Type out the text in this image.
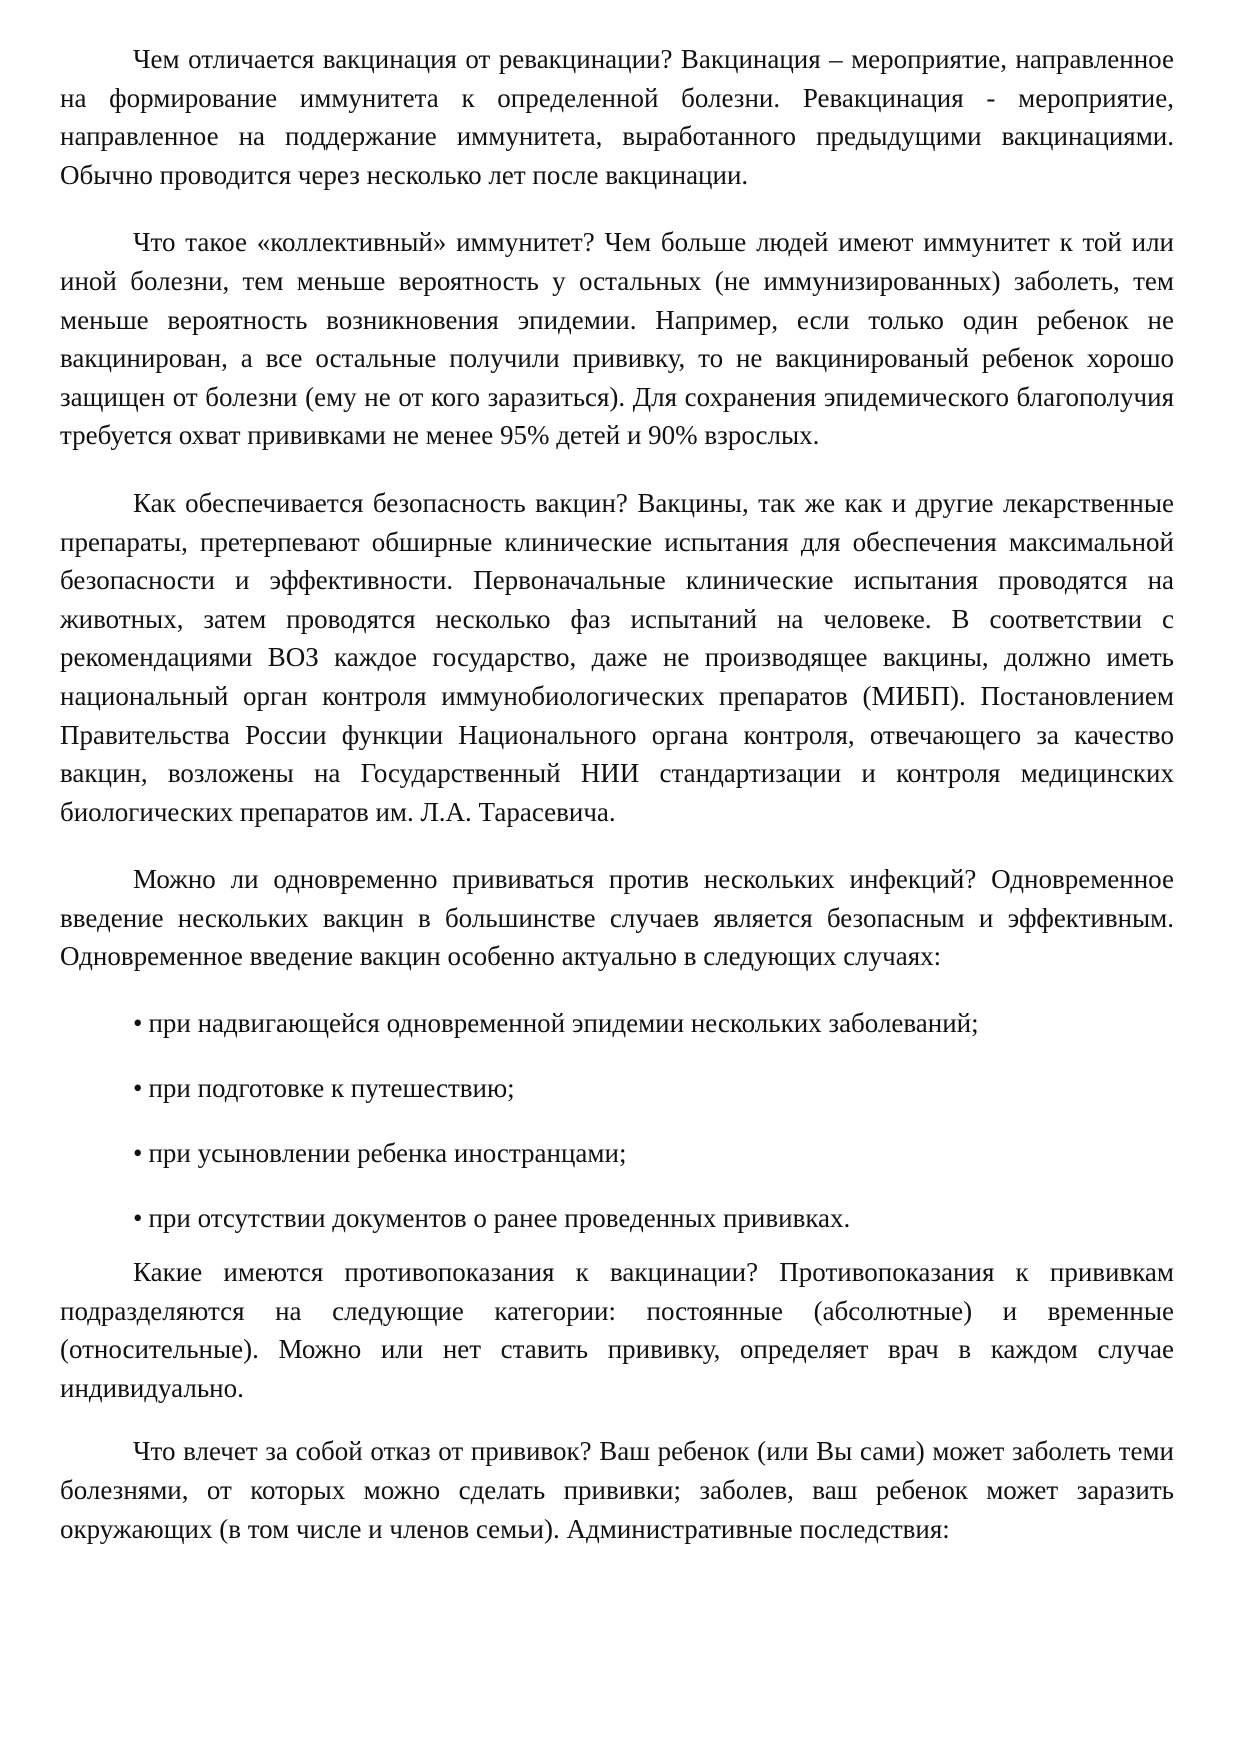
Чем отличается вакцинация от ревакцинации? Вакцинация – мероприятие, направленное на формирование иммунитета к определенной болезни. Ревакцинация - мероприятие, направленное на поддержание иммунитета, выработанного предыдущими вакцинациями. Обычно проводится через несколько лет после вакцинации.

Что такое «коллективный» иммунитет? Чем больше людей имеют иммунитет к той или иной болезни, тем меньше вероятность у остальных (не иммунизированных) заболеть, тем меньше вероятность возникновения эпидемии. Например, если только один ребенок не вакцинирован, а все остальные получили прививку, то не вакцинированый ребенок хорошо защищен от болезни (ему не от кого заразиться). Для сохранения эпидемического благополучия требуется охват прививками не менее 95% детей и 90% взрослых.

Как обеспечивается безопасность вакцин? Вакцины, так же как и другие лекарственные препараты, претерпевают обширные клинические испытания для обеспечения максимальной безопасности и эффективности. Первоначальные клинические испытания проводятся на животных, затем проводятся несколько фаз испытаний на человеке. В соответствии с рекомендациями ВОЗ каждое государство, даже не производящее вакцины, должно иметь национальный орган контроля иммунобиологических препаратов (МИБП). Постановлением Правительства России функции Национального органа контроля, отвечающего за качество вакцин, возложены на Государственный НИИ стандартизации и контроля медицинских биологических препаратов им. Л.А. Тарасевича.

Можно ли одновременно прививаться против нескольких инфекций? Одновременное введение нескольких вакцин в большинстве случаев является безопасным и эффективным. Одновременное введение вакцин особенно актуально в следующих случаях:

• при надвигающейся одновременной эпидемии нескольких заболеваний;
• при подготовке к путешествию;
• при усыновлении ребенка иностранцами;
• при отсутствии документов о ранее проведенных прививках.

Какие имеются противопоказания к вакцинации? Противопоказания к прививкам подразделяются на следующие категории: постоянные (абсолютные) и временные (относительные). Можно или нет ставить прививку, определяет врач в каждом случае индивидуально.

Что влечет за собой отказ от прививок? Ваш ребенок (или Вы сами) может заболеть теми болезнями, от которых можно сделать прививки; заболев, ваш ребенок может заразить окружающих (в том числе и членов семьи). Административные последствия:
